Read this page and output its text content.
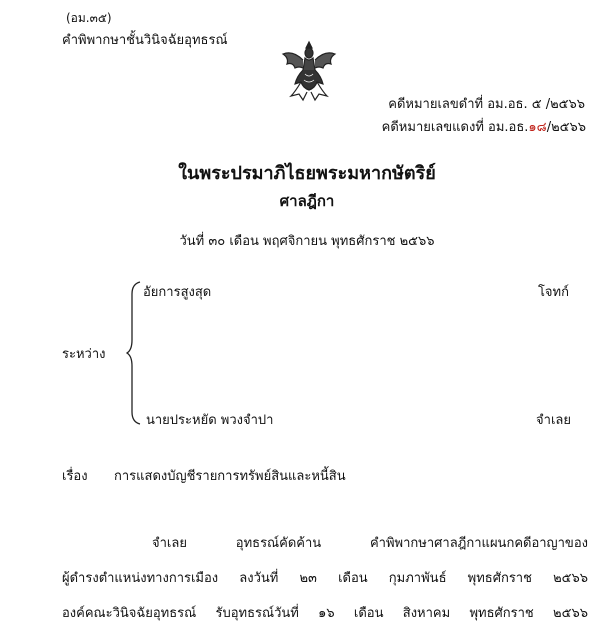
(อม.๓๕)
คำพิพากษาชั้นวินิจฉัยอุทธรณ์
คดีหมายเลขดำที่ อม.อธ. ๕ /๒๕๖๖
คดีหมายเลขแดงที่ อม.อธ.๑๘/๒๕๖๖
ในพระปรมาภิไธยพระมหากษัตริย์
ศาลฎีกา
วันที่ ๓๐ เดือน พฤศจิกายน พุทธศักราช ๒๕๖๖
อัยการสูงสุด	โจทก์
ระหว่าง
นายประหยัด พวงจำปา	จำเลย
เรื่อง การแสดงบัญชีรายการทรัพย์สินและหนี้สิน
จำเลย	อุทธรณ์คัดค้าน	คำพิพากษาศาลฎีกาแผนกคดีอาญาของ
ผู้ดำรงตำแหน่งทางการเมือง ลงวันที่ ๒๓ เดือน กุมภาพันธ์ พุทธศักราช ๒๕๖๖
องค์คณะวินิจฉัยอุทธรณ์ รับอุทธรณ์วันที่ ๑๖ เดือน สิงหาคม พุทธศักราช ๒๕๖๖
